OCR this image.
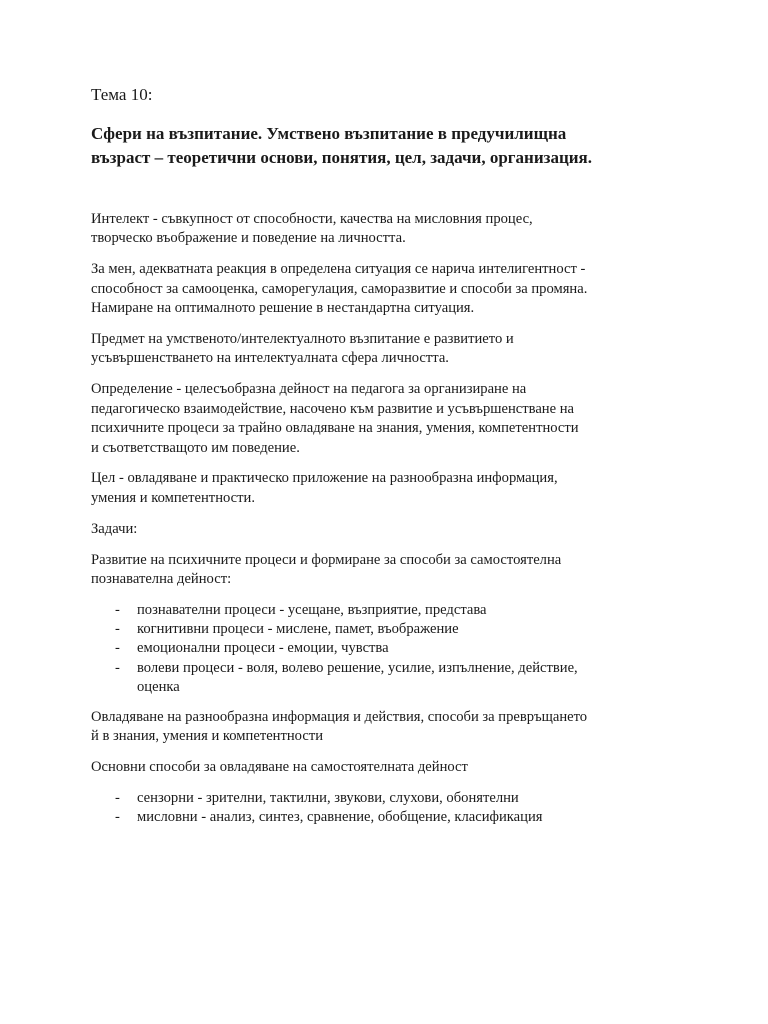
Тема 10:
Сфери на възпитание. Умствено възпитание в предучилищна
възраст – теоретични основи, понятия, цел, задачи, организация.
Интелект - съвкупност от способности, качества на мисловния процес,
творческо въображение и поведение на личността.
За мен, адекватната реакция в определена ситуация се нарича интелигентност -
способност за самооценка, саморегулация, саморазвитие и способи за промяна.
Намиране на оптималното решение в нестандартна ситуация.
Предмет на умственото/интелектуалното възпитание е развитието и
усъвършенстването на интелектуалната сфера личността.
Определение - целесъобразна дейност на педагога за организиране на
педагогическо взаимодействие, насочено към развитие и усъвършенстване на
психичните процеси за трайно овладяване на знания, умения, компетентности
и съответстващото им поведение.
Цел - овладяване и практическо приложение на разнообразна информация,
умения и компетентности.
Задачи:
Развитие на психичните процеси и формиране за способи за самостоятелна
познавателна дейност:
- познавателни процеси - усещане, възприятие, представа
- когнитивни процеси - мислене, памет, въображение
- емоционални процеси - емоции, чувства
- волеви процеси - воля, волево решение, усилие, изпълнение, действие,
оценка
Овладяване на разнообразна информация и действия, способи за превръщането
й в знания, умения и компетентности
Основни способи за овладяване на самостоятелната дейност
- сензорни - зрителни, тактилни, звукови, слухови, обонятелни
- мисловни - анализ, синтез, сравнение, обобщение, класификация
